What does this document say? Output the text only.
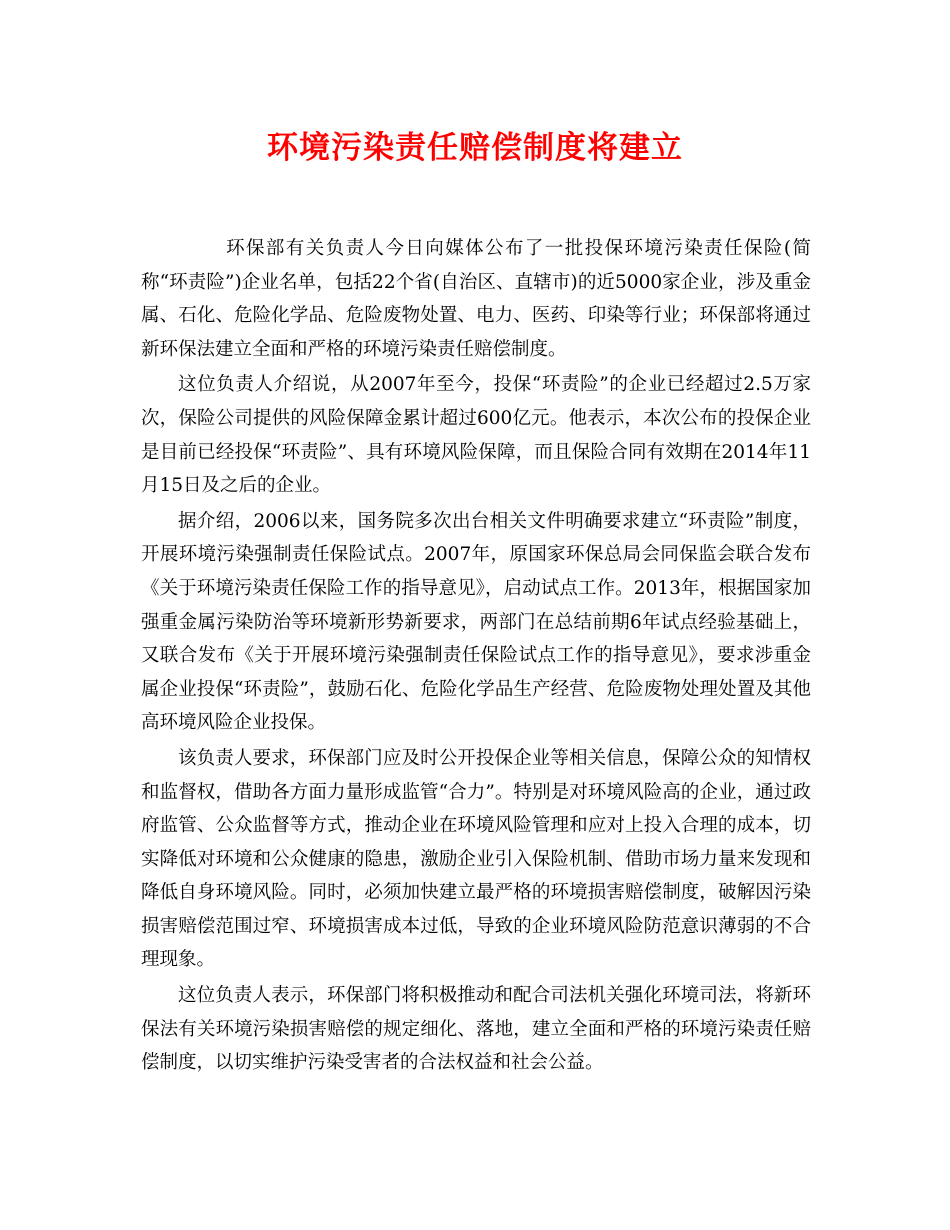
环境污染责任赔偿制度将建立

环保部有关负责人今日向媒体公布了一批投保环境污染责任保险(简称“环责险”)企业名单，包括22个省(自治区、直辖市)的近5000家企业，涉及重金属、石化、危险化学品、危险废物处置、电力、医药、印染等行业；环保部将通过新环保法建立全面和严格的环境污染责任赔偿制度。

这位负责人介绍说，从2007年至今，投保“环责险”的企业已经超过2.5万家次，保险公司提供的风险保障金累计超过600亿元。他表示，本次公布的投保企业是目前已经投保“环责险”、具有环境风险保障，而且保险合同有效期在2014年11月15日及之后的企业。

据介绍，2006以来，国务院多次出台相关文件明确要求建立“环责险”制度，开展环境污染强制责任保险试点。2007年，原国家环保总局会同保监会联合发布《关于环境污染责任保险工作的指导意见》，启动试点工作。2013年，根据国家加强重金属污染防治等环境新形势新要求，两部门在总结前期6年试点经验基础上，又联合发布《关于开展环境污染强制责任保险试点工作的指导意见》，要求涉重金属企业投保“环责险”，鼓励石化、危险化学品生产经营、危险废物处理处置及其他高环境风险企业投保。

该负责人要求，环保部门应及时公开投保企业等相关信息，保障公众的知情权和监督权，借助各方面力量形成监管“合力”。特别是对环境风险高的企业，通过政府监管、公众监督等方式，推动企业在环境风险管理和应对上投入合理的成本，切实降低对环境和公众健康的隐患，激励企业引入保险机制、借助市场力量来发现和降低自身环境风险。同时，必须加快建立最严格的环境损害赔偿制度，破解因污染损害赔偿范围过窄、环境损害成本过低，导致的企业环境风险防范意识薄弱的不合理现象。

这位负责人表示，环保部门将积极推动和配合司法机关强化环境司法，将新环保法有关环境污染损害赔偿的规定细化、落地，建立全面和严格的环境污染责任赔偿制度，以切实维护污染受害者的合法权益和社会公益。
